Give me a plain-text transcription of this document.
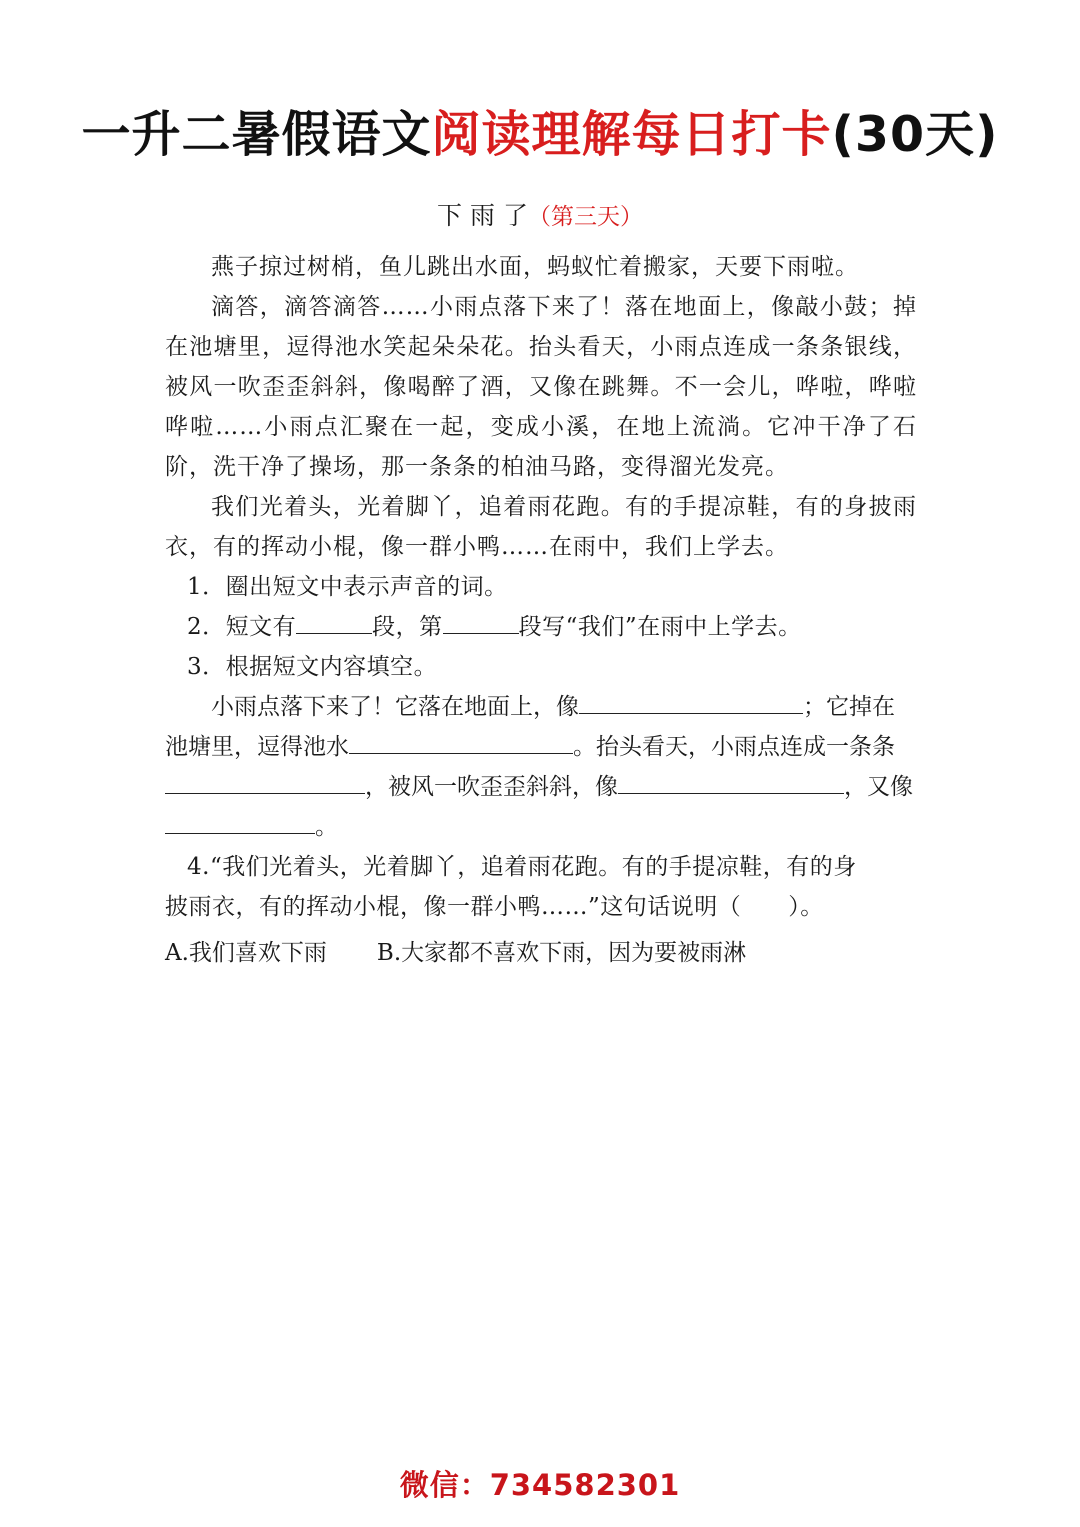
一升二暑假语文阅读理解每日打卡(30天)
下 雨 了（第三天）

燕子掠过树梢，鱼儿跳出水面，蚂蚁忙着搬家，天要下雨啦。

滴答，滴答滴答……小雨点落下来了！落在地面上，像敲小鼓；掉在池塘里，逗得池水笑起朵朵花。抬头看天，小雨点连成一条条银线，被风一吹歪歪斜斜，像喝醉了酒，又像在跳舞。不一会儿，哗啦，哗啦哗啦……小雨点汇聚在一起，变成小溪，在地上流淌。它冲干净了石阶，洗干净了操场，那一条条的柏油马路，变得溜光发亮。

我们光着头，光着脚丫，追着雨花跑。有的手提凉鞋，有的身披雨衣，有的挥动小棍，像一群小鸭……在雨中，我们上学去。

1．圈出短文中表示声音的词。

2．短文有	段，第	段写“我们”在雨中上学去。

3．根据短文内容填空。

小雨点落下来了！它落在地面上，像	；它掉在池塘里，逗得池水	。抬头看天，小雨点连成一条条，被风一吹歪歪斜斜，像	，又像。

4.“我们光着头，光着脚丫，追着雨花跑。有的手提凉鞋，有的身
披雨衣，有的挥动小棍，像一群小鸭……”这句话说明（　　）。

A.我们喜欢下雨 B.大家都不喜欢下雨，因为要被雨淋

微信：734582301
